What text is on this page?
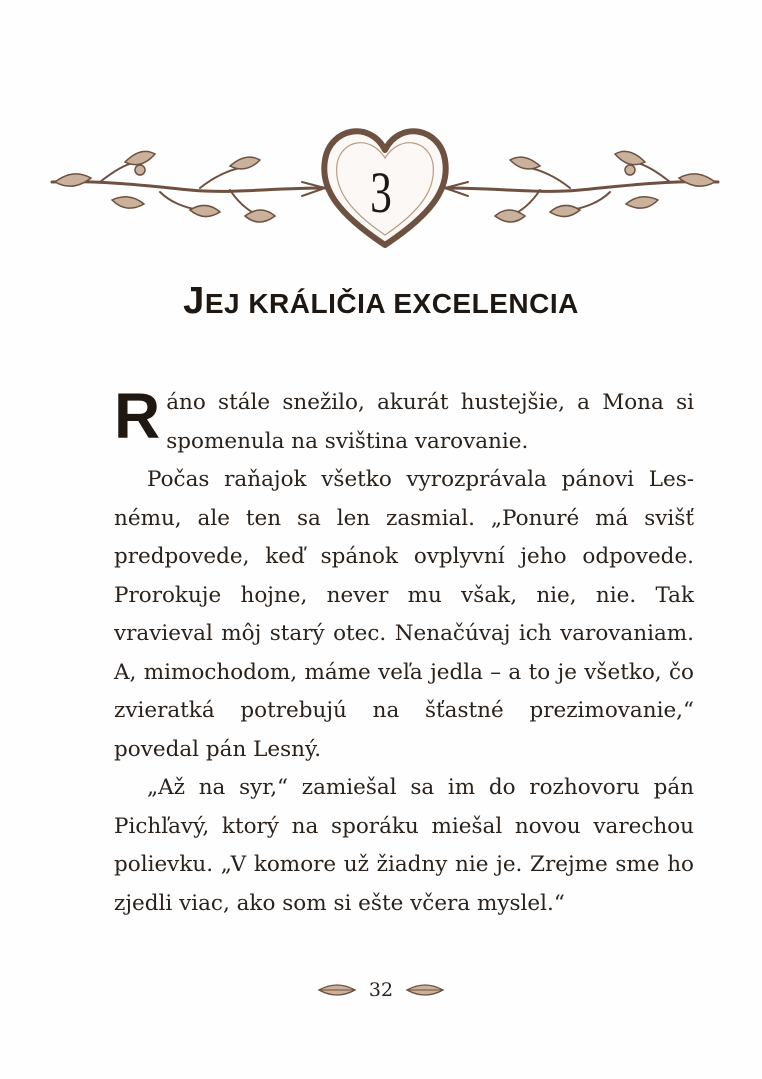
3
JEJ KRÁLIČIA EXCELENCIA

Ráno stále snežilo, akurát hustejšie, a Mona si spomenula na sviština varovanie.

Počas raňajok všetko vyrozprávala pánovi Lesnému, ale ten sa len zasmial. „Ponuré má svišť predpovede, keď spánok ovplyvní jeho odpovede. Prorokuje hojne, never mu však, nie, nie. Tak vravieval môj starý otec. Nenačúvaj ich varovaniam. A, mimochodom, máme veľa jedla – a to je všetko, čo zvieratká potrebujú na šťastné prezimovanie,“ povedal pán Lesný.

„Až na syr,“ zamiešal sa im do rozhovoru pán Pichľavý, ktorý na sporáku miešal novou varechou polievku. „V komore už žiadny nie je. Zrejme sme ho zjedli viac, ako som si ešte včera myslel.“

32
